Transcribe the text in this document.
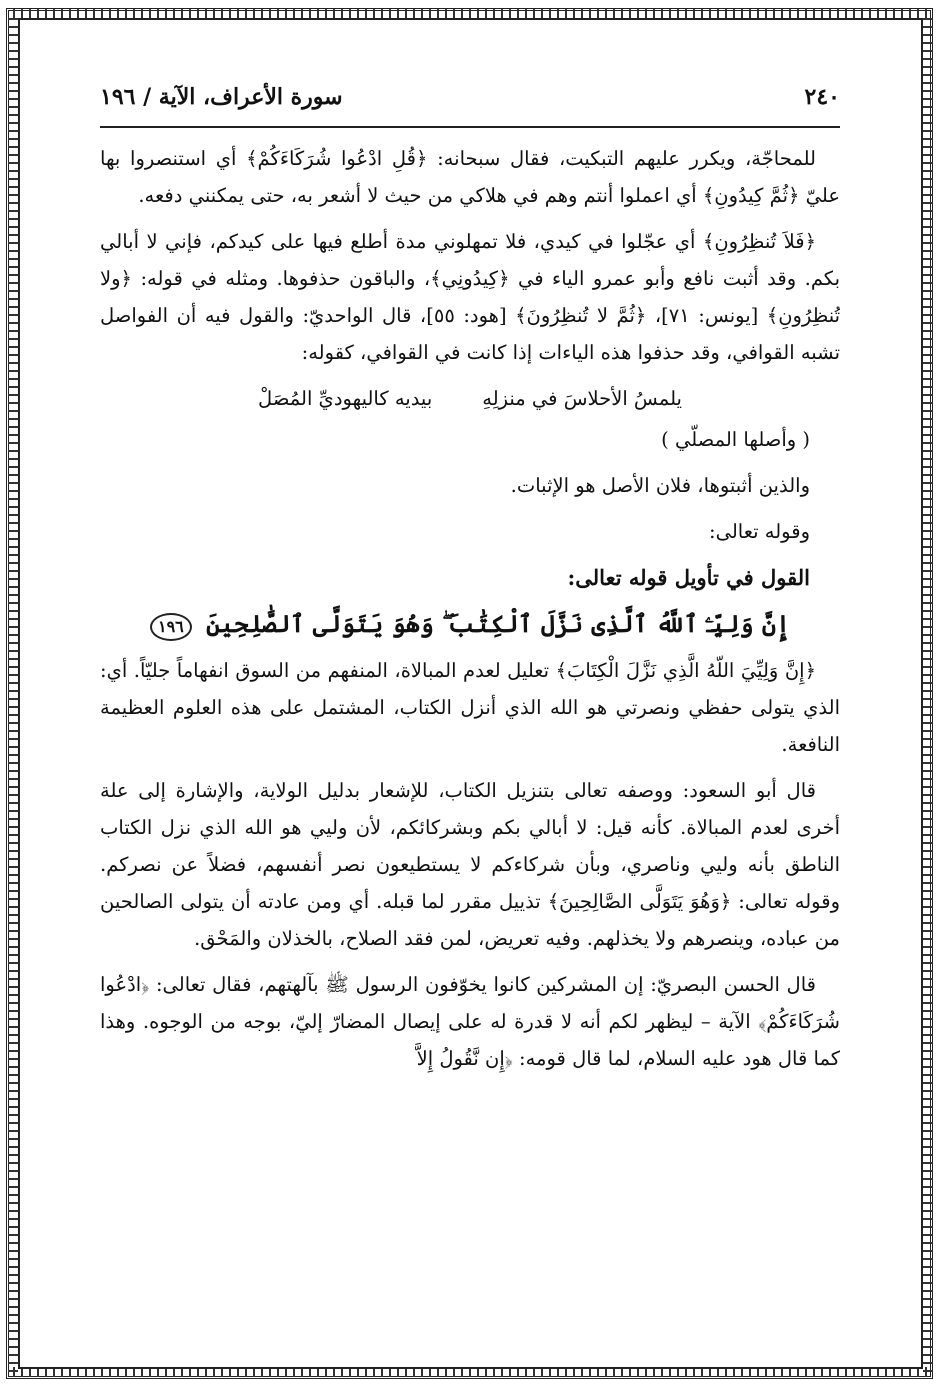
٢٤٠
سورة الأعراف، الآية / ١٩٦

للمحاجّة، ويكرر عليهم التبكيت، فقال سبحانه: ﴿قُلِ ادْعُوا شُرَكَاءَكُمْ﴾ أي استنصروا بها عليّ ﴿ثُمَّ كِيدُونِ﴾ أي اعملوا أنتم وهم في هلاكي من حيث لا أشعر به، حتى يمكنني دفعه.

﴿فَلاَ تُنظِرُونِ﴾ أي عجّلوا في كيدي، فلا تمهلوني مدة أطلع فيها على كيدكم، فإني لا أبالي بكم. وقد أثبت نافع وأبو عمرو الياء في ﴿كِيدُونِي﴾، والباقون حذفوها. ومثله في قوله: ﴿ولا تُنظِرُونِ﴾ [يونس: ٧١]، ﴿ثُمَّ لا تُنظِرُونَ﴾ [هود: ٥٥]، قال الواحديّ: والقول فيه أن الفواصل تشبه القوافي، وقد حذفوا هذه الياءات إذا كانت في القوافي، كقوله:

يلمسُ الأحلاسَ في منزلِهِ
بيديه كاليهوديِّ المُصَلْ

( وأصلها المصلّي )

والذين أثبتوها، فلان الأصل هو الإثبات.

وقوله تعالى:

القول في تأويل قوله تعالى:

إِنَّ وَلِيِّـۧ ٱللَّهُ ٱلَّذِى نَزَّلَ ٱلْكِتَٰبَ ۖ وَهُوَ يَتَوَلَّى ٱلصَّٰلِحِينَ ١٩٦

﴿إِنَّ وَلِيِّيَ اللّهُ الَّذِي نَزَّلَ الْكِتَابَ﴾ تعليل لعدم المبالاة، المنفهم من السوق انفهاماً جليّاً. أي: الذي يتولى حفظي ونصرتي هو الله الذي أنزل الكتاب، المشتمل على هذه العلوم العظيمة النافعة.

قال أبو السعود: ووصفه تعالى بتنزيل الكتاب، للإشعار بدليل الولاية، والإشارة إلى علة أخرى لعدم المبالاة. كأنه قيل: لا أبالي بكم وبشركائكم، لأن وليي هو الله الذي نزل الكتاب الناطق بأنه وليي وناصري، وبأن شركاءكم لا يستطيعون نصر أنفسهم، فضلاً عن نصركم. وقوله تعالى: ﴿وَهُوَ يَتَوَلَّى الصَّالِحِينَ﴾ تذييل مقرر لما قبله. أي ومن عادته أن يتولى الصالحين من عباده، وينصرهم ولا يخذلهم. وفيه تعريض، لمن فقد الصلاح، بالخذلان والمَحْق.

قال الحسن البصريّ: إن المشركين كانوا يخوّفون الرسول ﷺ بآلهتهم، فقال تعالى: ﴿ادْعُوا شُرَكَاءَكُمْ﴾ الآية – ليظهر لكم أنه لا قدرة له على إيصال المضارّ إليّ، بوجه من الوجوه. وهذا كما قال هود عليه السلام، لما قال قومه: ﴿إِن نَّقُولُ إِلاَّ
